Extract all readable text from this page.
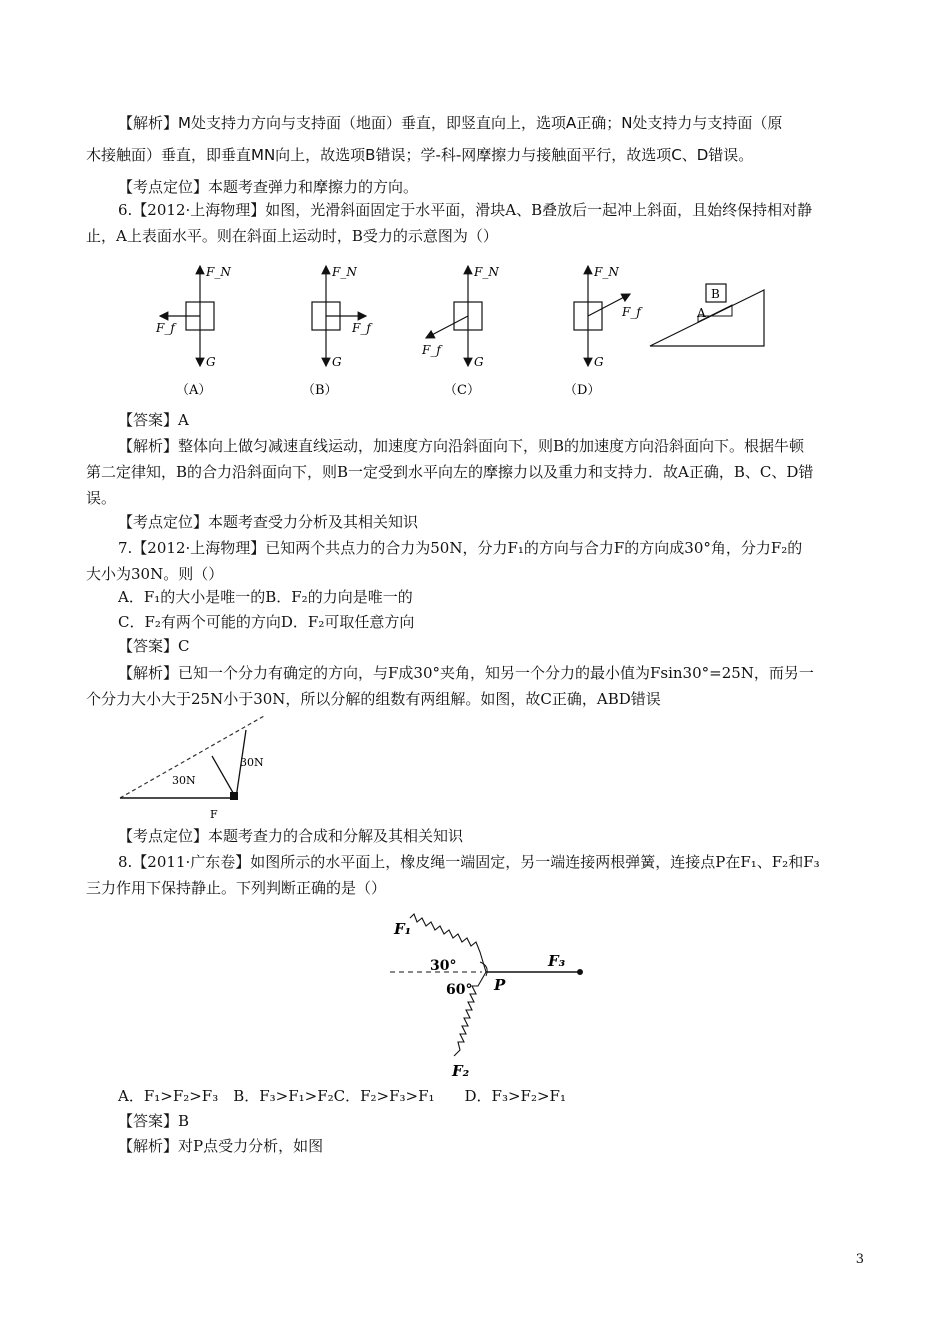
【解析】M处支持力方向与支持面（地面）垂直，即竖直向上，选项A正确；N处支持力与支持面（原
木接触面）垂直，即垂直MN向上，故选项B错误；学-科-网摩擦力与接触面平行，故选项C、D错误。
【考点定位】本题考查弹力和摩擦力的方向。
6.【2012·上海物理】如图，光滑斜面固定于水平面，滑块A、B叠放后一起冲上斜面，且始终保持相对静
止，A上表面水平。则在斜面上运动时，B受力的示意图为（）
F_N
F_f
G
（A）
F_N
F_f
G
（B）
F_N
F_f
G
（C）
F_N
F_f
G
（D）
B
A
【答案】A
【解析】整体向上做匀减速直线运动，加速度方向沿斜面向下，则B的加速度方向沿斜面向下。根据牛顿
第二定律知，B的合力沿斜面向下，则B一定受到水平向左的摩擦力以及重力和支持力．故A正确，B、C、D错
误。
【考点定位】本题考查受力分析及其相关知识
7.【2012·上海物理】已知两个共点力的合力为50N，分力F₁的方向与合力F的方向成30°角，分力F₂的
大小为30N。则（）
A．F₁的大小是唯一的B．F₂的力向是唯一的
C．F₂有两个可能的方向D．F₂可取任意方向
【答案】C
【解析】已知一个分力有确定的方向，与F成30°夹角，知另一个分力的最小值为Fsin30°=25N，而另一
个分力大小大于25N小于30N，所以分解的组数有两组解。如图，故C正确，ABD错误
30N
30N
F
【考点定位】本题考查力的合成和分解及其相关知识
8.【2011·广东卷】如图所示的水平面上，橡皮绳一端固定，另一端连接两根弹簧，连接点P在F₁、F₂和F₃
三力作用下保持静止。下列判断正确的是（）
F₁
30°
60° P
F₃
F₂
A．F₁>F₂>F₃　B．F₃>F₁>F₂C．F₂>F₃>F₁　　D．F₃>F₂>F₁
【答案】B
【解析】对P点受力分析，如图
3
